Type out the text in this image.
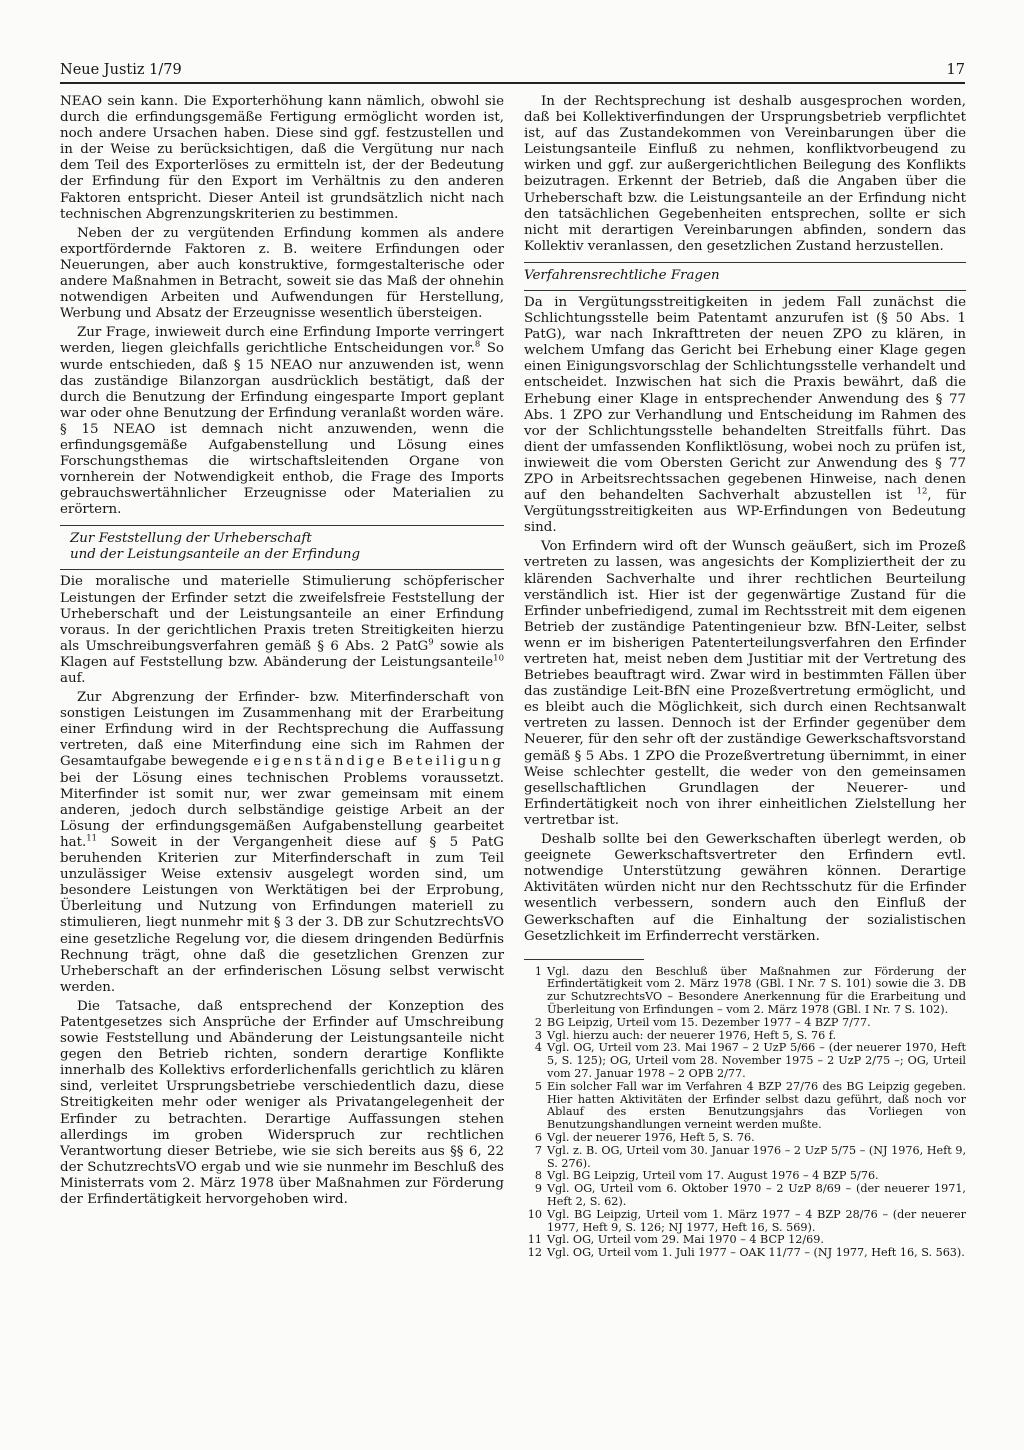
Neue Justiz 1/79	17

NEAO sein kann. Die Exporterhöhung kann nämlich, obwohl sie durch die erfindungsgemäße Fertigung ermöglicht worden ist, noch andere Ursachen haben. Diese sind ggf. festzustellen und in der Weise zu berücksichtigen, daß die Vergütung nur nach dem Teil des Exporterlöses zu ermitteln ist, der der Bedeutung der Erfindung für den Export im Verhältnis zu den anderen Faktoren entspricht. Dieser Anteil ist grundsätzlich nicht nach technischen Abgrenzungskriterien zu bestimmen.

Neben der zu vergütenden Erfindung kommen als andere exportfördernde Faktoren z. B. weitere Erfindungen oder Neuerungen, aber auch konstruktive, formgestalterische oder andere Maßnahmen in Betracht, soweit sie das Maß der ohnehin notwendigen Arbeiten und Aufwendungen für Herstellung, Werbung und Absatz der Erzeugnisse wesentlich übersteigen.

Zur Frage, inwieweit durch eine Erfindung Importe verringert werden, liegen gleichfalls gerichtliche Entscheidungen vor.$^8$ So wurde entschieden, daß § 15 NEAO nur anzuwenden ist, wenn das zuständige Bilanzorgan ausdrücklich bestätigt, daß der durch die Benutzung der Erfindung eingesparte Import geplant war oder ohne Benutzung der Erfindung veranlaßt worden wäre. § 15 NEAO ist demnach nicht anzuwenden, wenn die erfindungsgemäße Aufgabenstellung und Lösung eines Forschungsthemas die wirtschaftsleitenden Organe von vornherein der Notwendigkeit enthob, die Frage des Imports gebrauchswertähnlicher Erzeugnisse oder Materialien zu erörtern.

Zur Feststellung der Urheberschaft
und der Leistungsanteile an der Erfindung

Die moralische und materielle Stimulierung schöpferischer Leistungen der Erfinder setzt die zweifelsfreie Feststellung der Urheberschaft und der Leistungsanteile an einer Erfindung voraus. In der gerichtlichen Praxis treten Streitigkeiten hierzu als Umschreibungsverfahren gemäß § 6 Abs. 2 PatG$^9$ sowie als Klagen auf Feststellung bzw. Abänderung der Leistungsanteile$^{10}$ auf.

Zur Abgrenzung der Erfinder- bzw. Miterfinderschaft von sonstigen Leistungen im Zusammenhang mit der Erarbeitung einer Erfindung wird in der Rechtsprechung die Auffassung vertreten, daß eine Miterfindung eine sich im Rahmen der Gesamtaufgabe bewegende eigenständige Beteiligung bei der Lösung eines technischen Problems voraussetzt. Miterfinder ist somit nur, wer zwar gemeinsam mit einem anderen, jedoch durch selbständige geistige Arbeit an der Lösung der erfindungsgemäßen Aufgabenstellung gearbeitet hat.$^{11}$ Soweit in der Vergangenheit diese auf § 5 PatG beruhenden Kriterien zur Miterfinderschaft in zum Teil unzulässiger Weise extensiv ausgelegt worden sind, um besondere Leistungen von Werktätigen bei der Erprobung, Überleitung und Nutzung von Erfindungen materiell zu stimulieren, liegt nunmehr mit § 3 der 3. DB zur SchutzrechtsVO eine gesetzliche Regelung vor, die diesem dringenden Bedürfnis Rechnung trägt, ohne daß die gesetzlichen Grenzen zur Urheberschaft an der erfinderischen Lösung selbst verwischt werden.

Die Tatsache, daß entsprechend der Konzeption des Patentgesetzes sich Ansprüche der Erfinder auf Umschreibung sowie Feststellung und Abänderung der Leistungsanteile nicht gegen den Betrieb richten, sondern derartige Konflikte innerhalb des Kollektivs erforderlichenfalls gerichtlich zu klären sind, verleitet Ursprungsbetriebe verschiedentlich dazu, diese Streitigkeiten mehr oder weniger als Privatangelegenheit der Erfinder zu betrachten. Derartige Auffassungen stehen allerdings im groben Widerspruch zur rechtlichen Verantwortung dieser Betriebe, wie sie sich bereits aus §§ 6, 22 der SchutzrechtsVO ergab und wie sie nunmehr im Beschluß des Ministerrats vom 2. März 1978 über Maßnahmen zur Förderung der Erfindertätigkeit hervorgehoben wird.

In der Rechtsprechung ist deshalb ausgesprochen worden, daß bei Kollektiverfindungen der Ursprungsbetrieb verpflichtet ist, auf das Zustandekommen von Vereinbarungen über die Leistungsanteile Einfluß zu nehmen, konfliktvorbeugend zu wirken und ggf. zur außergerichtlichen Beilegung des Konflikts beizutragen. Erkennt der Betrieb, daß die Angaben über die Urheberschaft bzw. die Leistungsanteile an der Erfindung nicht den tatsächlichen Gegebenheiten entsprechen, sollte er sich nicht mit derartigen Vereinbarungen abfinden, sondern das Kollektiv veranlassen, den gesetzlichen Zustand herzustellen.

Verfahrensrechtliche Fragen

Da in Vergütungsstreitigkeiten in jedem Fall zunächst die Schlichtungsstelle beim Patentamt anzurufen ist (§ 50 Abs. 1 PatG), war nach Inkrafttreten der neuen ZPO zu klären, in welchem Umfang das Gericht bei Erhebung einer Klage gegen einen Einigungsvorschlag der Schlichtungsstelle verhandelt und entscheidet. Inzwischen hat sich die Praxis bewährt, daß die Erhebung einer Klage in entsprechender Anwendung des § 77 Abs. 1 ZPO zur Verhandlung und Entscheidung im Rahmen des vor der Schlichtungsstelle behandelten Streitfalls führt. Das dient der umfassenden Konfliktlösung, wobei noch zu prüfen ist, inwieweit die vom Obersten Gericht zur Anwendung des § 77 ZPO in Arbeitsrechtssachen gegebenen Hinweise, nach denen auf den behandelten Sachverhalt abzustellen ist $^{12}$, für Vergütungsstreitigkeiten aus WP-Erfindungen von Bedeutung sind.

Von Erfindern wird oft der Wunsch geäußert, sich im Prozeß vertreten zu lassen, was angesichts der Kompliziertheit der zu klärenden Sachverhalte und ihrer rechtlichen Beurteilung verständlich ist. Hier ist der gegenwärtige Zustand für die Erfinder unbefriedigend, zumal im Rechtsstreit mit dem eigenen Betrieb der zuständige Patentingenieur bzw. BfN-Leiter, selbst wenn er im bisherigen Patenterteilungsverfahren den Erfinder vertreten hat, meist neben dem Justitiar mit der Vertretung des Betriebes beauftragt wird. Zwar wird in bestimmten Fällen über das zuständige Leit-BfN eine Prozeßvertretung ermöglicht, und es bleibt auch die Möglichkeit, sich durch einen Rechtsanwalt vertreten zu lassen. Dennoch ist der Erfinder gegenüber dem Neuerer, für den sehr oft der zuständige Gewerkschaftsvorstand gemäß § 5 Abs. 1 ZPO die Prozeßvertretung übernimmt, in einer Weise schlechter gestellt, die weder von den gemeinsamen gesellschaftlichen Grundlagen der Neuerer- und Erfindertätigkeit noch von ihrer einheitlichen Zielstellung her vertretbar ist.

Deshalb sollte bei den Gewerkschaften überlegt werden, ob geeignete Gewerkschaftsvertreter den Erfindern evtl. notwendige Unterstützung gewähren können. Derartige Aktivitäten würden nicht nur den Rechtsschutz für die Erfinder wesentlich verbessern, sondern auch den Einfluß der Gewerkschaften auf die Einhaltung der sozialistischen Gesetzlichkeit im Erfinderrecht verstärken.

1 Vgl. dazu den Beschluß über Maßnahmen zur Förderung der Erfindertätigkeit vom 2. März 1978 (GBl. I Nr. 7 S. 101) sowie die 3. DB zur SchutzrechtsVO – Besondere Anerkennung für die Erarbeitung und Überleitung von Erfindungen – vom 2. März 1978 (GBl. I Nr. 7 S. 102).
2 BG Leipzig, Urteil vom 15. Dezember 1977 – 4 BZP 7/77.
3 Vgl. hierzu auch: der neuerer 1976, Heft 5, S. 76 f.
4 Vgl. OG, Urteil vom 23. Mai 1967 – 2 UzP 5/66 – (der neuerer 1970, Heft 5, S. 125); OG, Urteil vom 28. November 1975 – 2 UzP 2/75 –; OG, Urteil vom 27. Januar 1978 – 2 OPB 2/77.
5 Ein solcher Fall war im Verfahren 4 BZP 27/76 des BG Leipzig gegeben. Hier hatten Aktivitäten der Erfinder selbst dazu geführt, daß noch vor Ablauf des ersten Benutzungsjahrs das Vorliegen von Benutzungshandlungen verneint werden mußte.
6 Vgl. der neuerer 1976, Heft 5, S. 76.
7 Vgl. z. B. OG, Urteil vom 30. Januar 1976 – 2 UzP 5/75 – (NJ 1976, Heft 9, S. 276).
8 Vgl. BG Leipzig, Urteil vom 17. August 1976 – 4 BZP 5/76.
9 Vgl. OG, Urteil vom 6. Oktober 1970 – 2 UzP 8/69 – (der neuerer 1971, Heft 2, S. 62).
10 Vgl. BG Leipzig, Urteil vom 1. März 1977 – 4 BZP 28/76 – (der neuerer 1977, Heft 9, S. 126; NJ 1977, Heft 16, S. 569).
11 Vgl. OG, Urteil vom 29. Mai 1970 – 4 BCP 12/69.
12 Vgl. OG, Urteil vom 1. Juli 1977 – OAK 11/77 – (NJ 1977, Heft 16, S. 563).
